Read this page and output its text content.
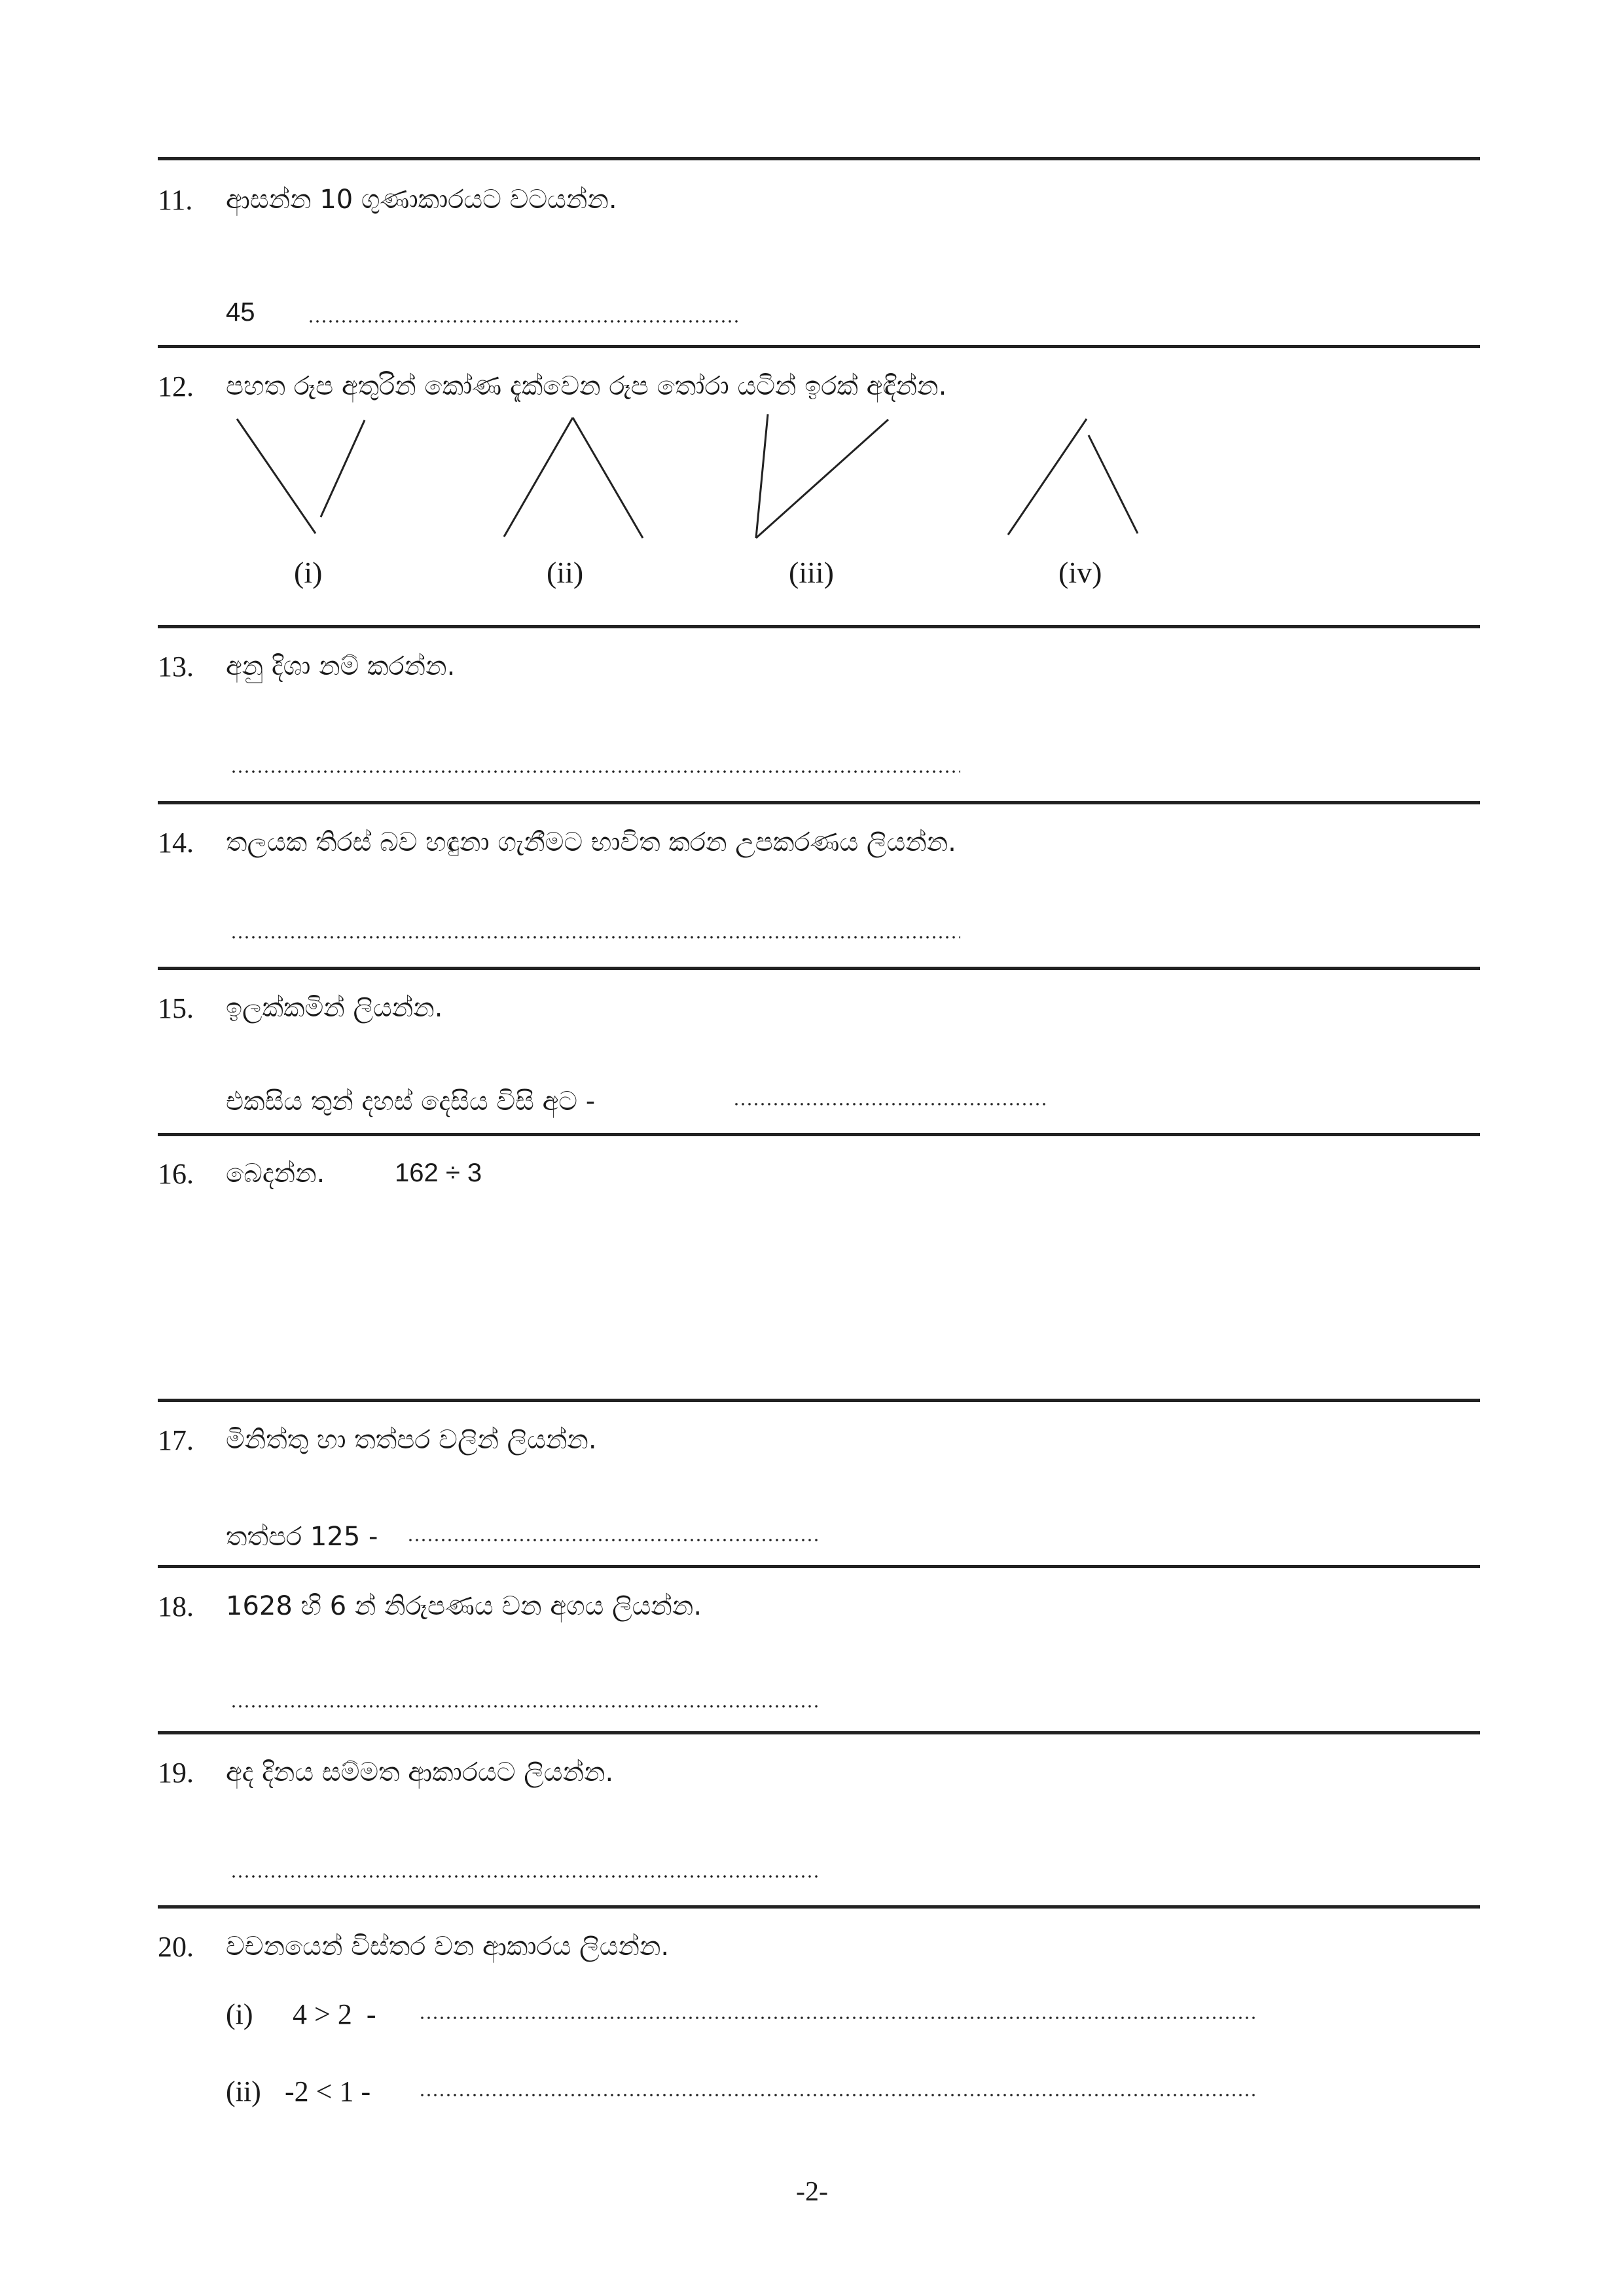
11. ආසන්න 10 ගුණාකාරයට වටයන්න.
45
12. පහත රූප අතුරින් කෝණ දැක්වෙන රූප තෝරා යටින් ඉරක් අඳින්න.
(i)	(ii)	(iii)	(iv)
13. අනු දිශා නම් කරන්න.
14. තලයක තිරස් බව හඳුනා ගැනීමට භාවිත කරන උපකරණය ලියන්න.
15. ඉලක්කමින් ලියන්න.
එකසිය තුන් දහස් දෙසිය විසි අට -
16. බෙදන්න.	162 ÷ 3
17. මිනිත්තු හා තත්පර වලින් ලියන්න.
තත්පර 125 -
18. 1628 හි 6 න් නිරූපණය වන අගය ලියන්න.
19. අද දිනය සම්මත ආකාරයට ලියන්න.
20. වචනයෙන් විස්තර වන ආකාරය ලියන්න.
(i) 4 > 2  -
(ii) -2 < 1 -
-2-
